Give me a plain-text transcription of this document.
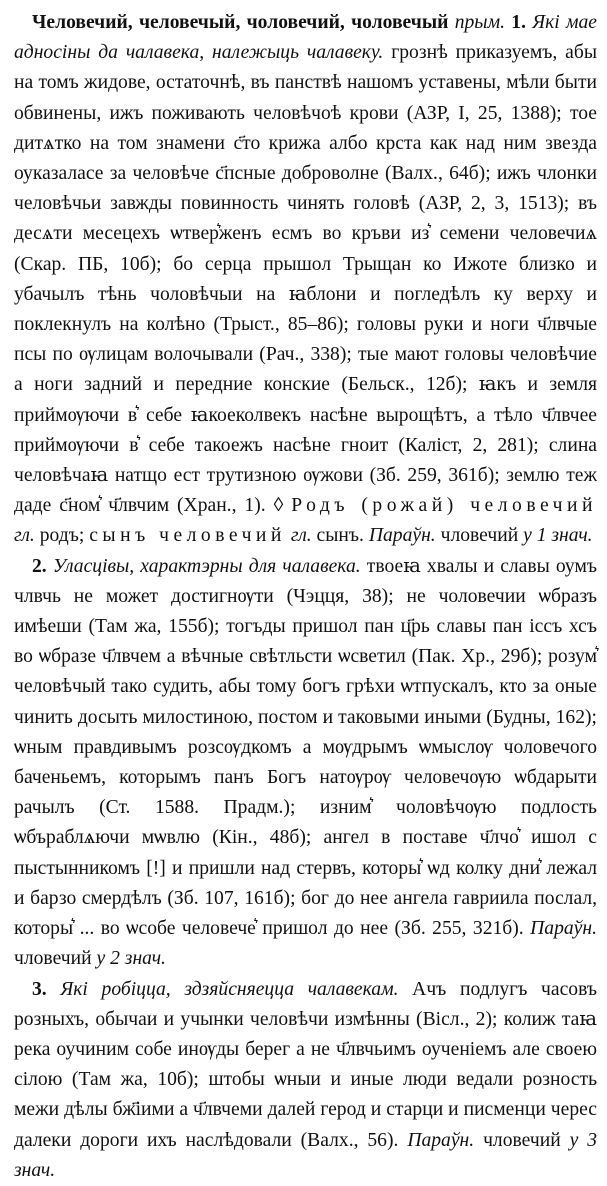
Человечий, человечый, чоловечий, чоловечый прым. 1. Які мае адносіны да чалавека, належыць чалавеку. грознѣ приказуемъ, абы на томъ жидове, остаточнѣ, въ панствѣ нашомъ уставены, мѣли быти обвинены, ижъ поживають человѣчоѣ крови (АЗР, I, 25, 1388); тое дитѧтко на том знамени с҃то крижа албо крста как над ним звезда оуказаласе за человѣче с҃псные доброволне (Валх., 64б); ижъ члонки человѣчьи завжды повинность чинять головѣ (АЗР, 2, 3, 1513); въ десѧти месецехъ ѡтвер͛женъ есмъ во кръви из͛ семени человечиѧ (Скар. ПБ, 10б); бо серца прышол Трыщан ко Ижоте близко и убачылъ тѣнь чоловѣчыи на ꙗблони и погледѣлъ ку верху и поклекнулъ на колѣно (Трыст., 85–86); головы руки и ноги ч҃лвчые псы по ѹлицам волочывали (Рач., 338); тые мают головы человѣчие а ноги задний и передние конские (Бельск., 12б); ꙗкъ и земля приймѹючи в͛ себе ꙗкоеколвекъ насѣне вырощѣтъ, а тѣло ч҃лвчее приймѹючи в͛ себе такоежъ насѣне гноит (Каліст, 2, 281); слина человѣчаꙗ натщо ест трутизною ѹжови (Зб. 259, 361б); землю теж даде с҃ном͛ ч҃лвчим (Хран., 1). ◊ Родъ (рожай) человечий гл. родъ; сынъ человечий гл. сынъ. Параўн. чловечий у 1 знач.

2. Уласцівы, характэрны для чалавека. твоеꙗ хвалы и славы оумъ члвчь не может достигнѹти (Чэцця, 38); не чоловечии ѡбразъ имѣеши (Там жа, 155б); тогъды пришол пан ц҃рь славы пан іссъ хсъ во ѡбразе ч҃лвчем а вѣчные свѣтльсти ѡсветил (Пак. Хр., 29б); розум͛ человѣчый тако судить, абы тому богъ грѣхи ѡтпускалъ, кто за оные чинить досыть милостиною, постом и таковыми иными (Будны, 162); ѡным правдивымъ розсѹдкомъ а мѹдрымъ ѡмыслѹ чоловечого баченьемъ, которымъ панъ Богъ натѹрѹ человечѹю ѡбдарыти рачылъ (Ст. 1588. Прадм.); изним͛ чоловѣчѹю подлость ѡбъраблѧючи мѡвлю (Кін., 48б); ангел в поставе ч҃лчо͛ ишол с пыстынникомъ [!] и пришли над стервъ, которы͛ ѡд колку дни͛ лежал и барзо смердѣлъ (Зб. 107, 161б); бог до нее ангела гавриила послал, которы͛ ... во ѡсобе человече͛ пришол до нее (Зб. 255, 321б). Параўн. чловечий у 2 знач.

3. Які робіцца, здзяйсняецца чалавекам. Ачъ подлугъ часовъ розныхъ, обычаи и учынки человѣчи измѣнны (Вісл., 2); колиж таꙗ река оучиним собе инѹды берег а не ч҃лвчьимъ оученіемъ але своею сілою (Там жа, 10б); штобы ѡныи и иные люди ведали розность межи дѣлы бж҃іими а ч҃лвчеми далей герод и старци и писменци черес далеки дороги ихъ наслѣдовали (Валх., 56). Параўн. чловечий у 3 знач.
